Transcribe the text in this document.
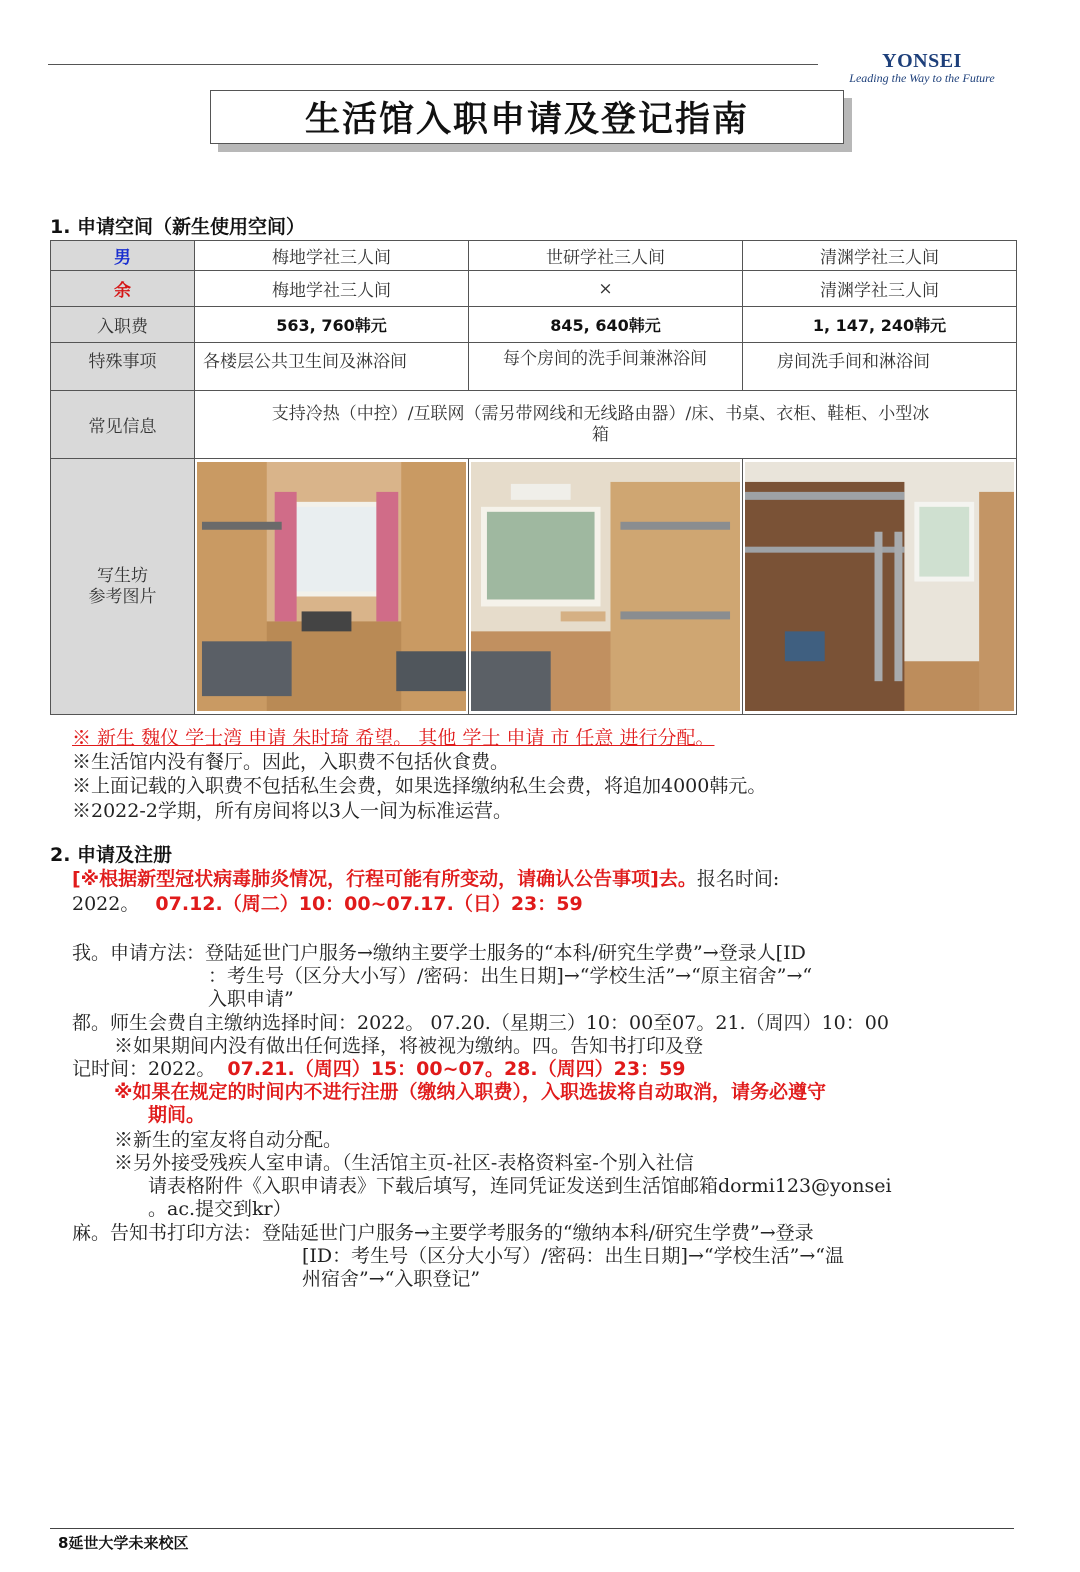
YONSEI
Leading the Way to the Future
生活馆入职申请及登记指南
1. 申请空间（新生使用空间）
男	梅地学社三人间	世研学社三人间	清渊学社三人间
余	梅地学社三人间	×	清渊学社三人间
入职费	563, 760韩元	845, 640韩元	1, 147, 240韩元
特殊事项	各楼层公共卫生间及淋浴间	每个房间的洗手间兼淋浴间	房间洗手间和淋浴间
常见信息	支持冷热（中控）/互联网（需另带网线和无线路由器）/床、书桌、衣柜、鞋柜、小型冰箱		

写生坊
参考图片

※ 新生 魏仪 学士湾 申请 朱时琦 希望。 其他 学士 申请 市 任意 进行分配。
※生活馆内没有餐厅。因此，入职费不包括伙食费。
※上面记载的入职费不包括私生会费，如果选择缴纳私生会费，将追加4000韩元。
※2022-2学期，所有房间将以3人一间为标准运营。
2. 申请及注册
[※根据新型冠状病毒肺炎情况，行程可能有所变动，请确认公告事项]去。报名时间:
2022。 07.12.（周二）10：00~07.17.（日）23：59
我。申请方法：登陆延世门户服务→缴纳主要学士服务的“本科/研究生学费”→登录人[ID
：考生号（区分大小写）/密码：出生日期]→“学校生活”→“原主宿舍”→“
入职申请”
都。师生会费自主缴纳选择时间：2022。 07.20.（星期三）10：00至07。21.（周四）10：00
※如果期间内没有做出任何选择，将被视为缴纳。四。告知书打印及登
记时间：2022。 07.21.（周四）15：00~07。28.（周四）23：59
※如果在规定的时间内不进行注册（缴纳入职费），入职选拔将自动取消，请务必遵守
期间。
※新生的室友将自动分配。
※另外接受残疾人室申请。（生活馆主页-社区-表格资料室-个别入社信
请表格附件《入职申请表》下载后填写，连同凭证发送到生活馆邮箱dormi123@yonsei
。ac.提交到kr）
麻。告知书打印方法：登陆延世门户服务→主要学考服务的“缴纳本科/研究生学费”→登录
[ID：考生号（区分大小写）/密码：出生日期]→“学校生活”→“温
州宿舍”→“入职登记”
8延世大学未来校区
